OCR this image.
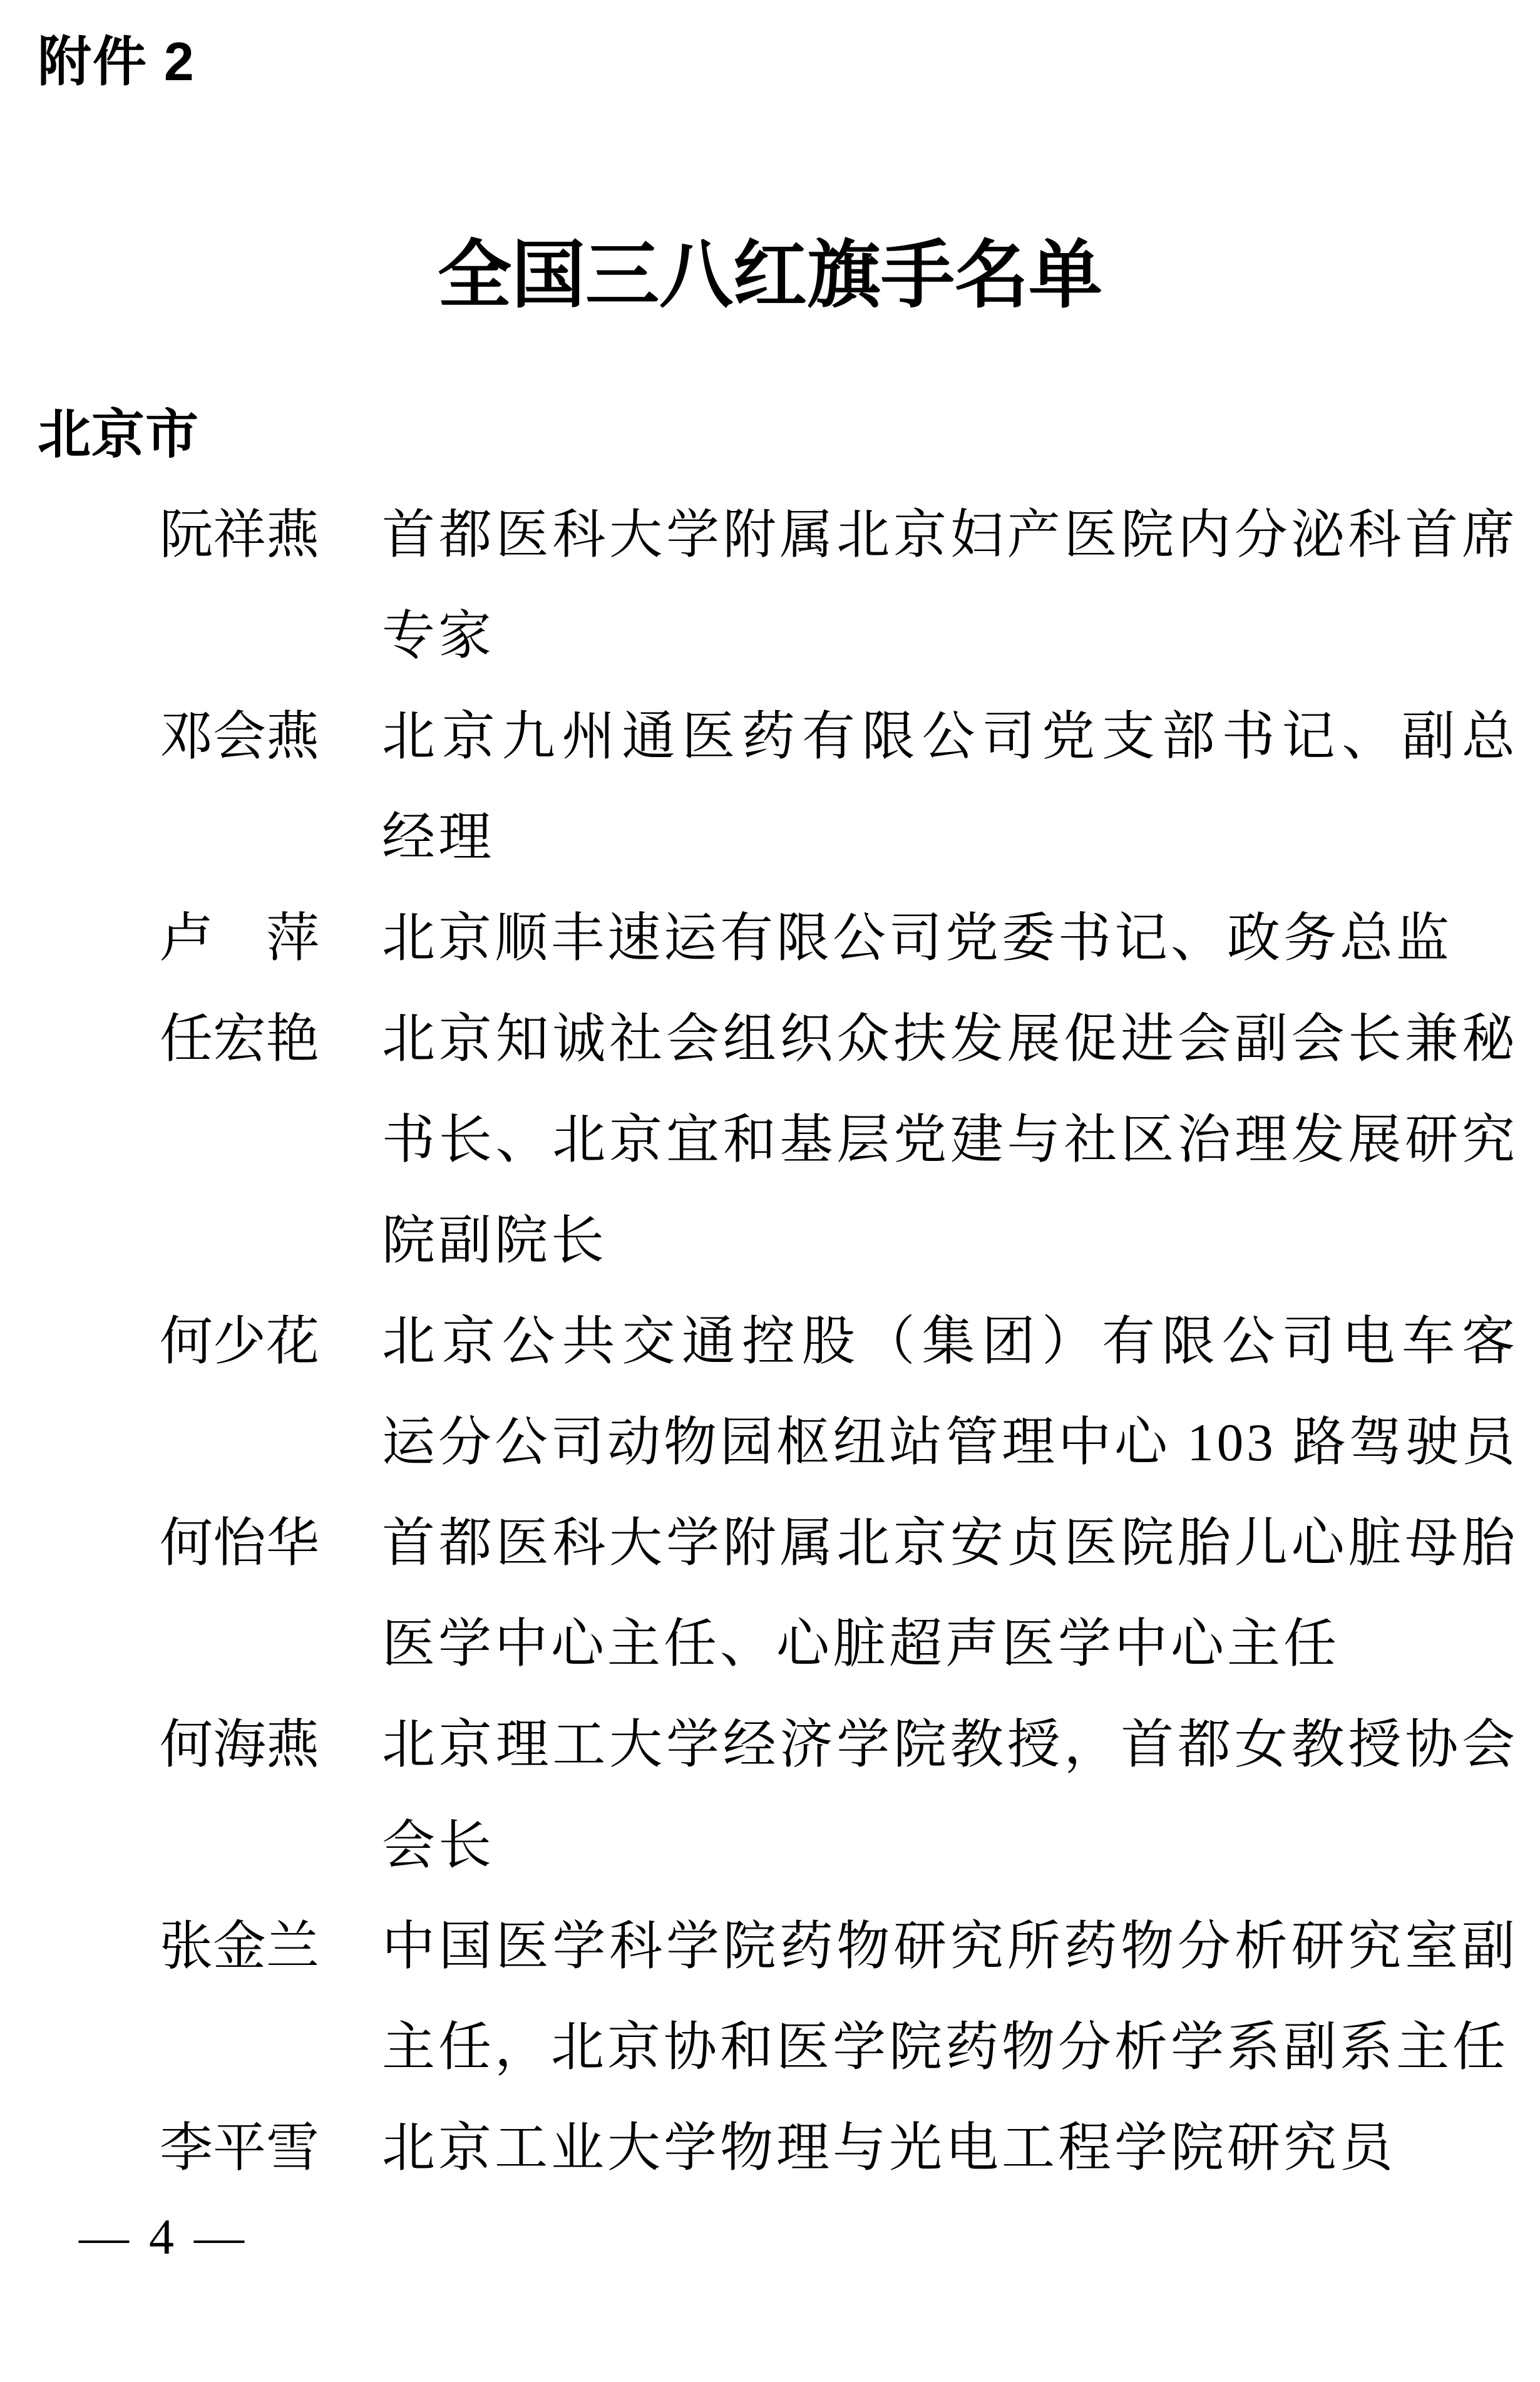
附件 2
全国三八红旗手名单
北京市
阮祥燕	首都医科大学附属北京妇产医院内分泌科首席
专家
邓会燕	北京九州通医药有限公司党支部书记、副总
经理
卢　萍	北京顺丰速运有限公司党委书记、政务总监
任宏艳	北京知诚社会组织众扶发展促进会副会长兼秘
书长、北京宜和基层党建与社区治理发展研究
院副院长
何少花	北京公共交通控股（集团）有限公司电车客
运分公司动物园枢纽站管理中心 103 路驾驶员
何怡华	首都医科大学附属北京安贞医院胎儿心脏母胎
医学中心主任、心脏超声医学中心主任
何海燕	北京理工大学经济学院教授，首都女教授协会
会长
张金兰	中国医学科学院药物研究所药物分析研究室副
主任，北京协和医学院药物分析学系副系主任
李平雪	北京工业大学物理与光电工程学院研究员
— 4 —
